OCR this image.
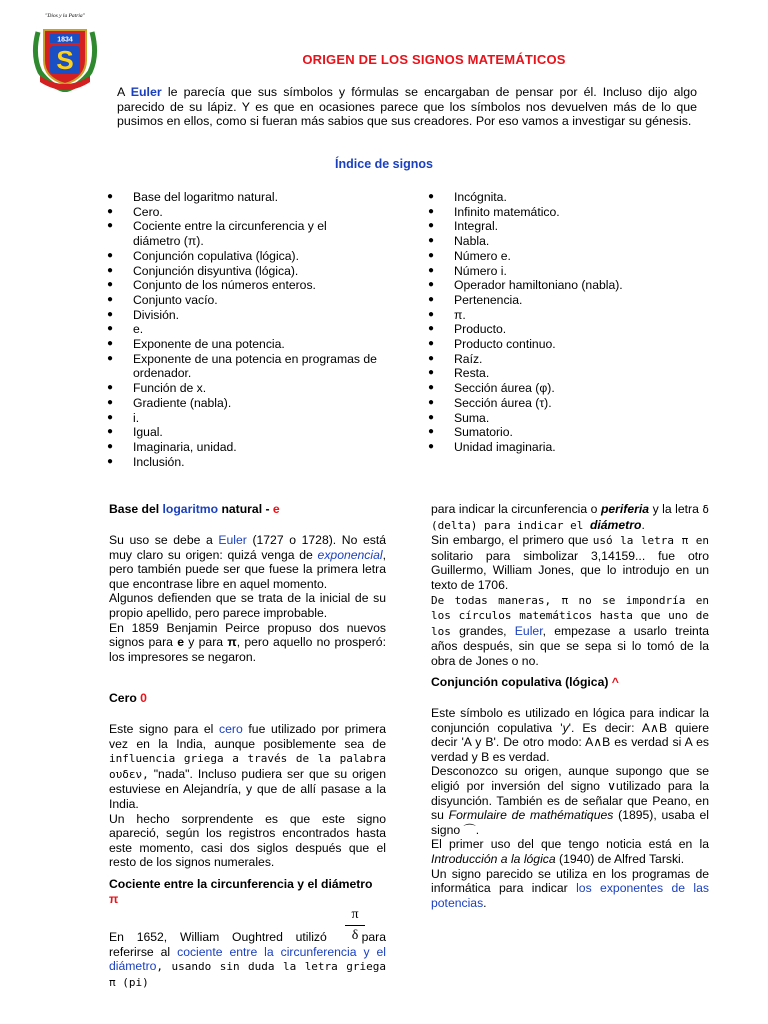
1834
S
"Dios y la Patria"
ORIGEN DE LOS SIGNOS MATEMÁTICOS
A Euler le parecía que sus símbolos y fórmulas se encargaban de pensar por él. Incluso dijo algo parecido de su lápiz. Y es que en ocasiones parece que los símbolos nos devuelven más de lo que pusimos en ellos, como si fueran más sabios que sus creadores. Por eso vamos a investigar su génesis.
Índice de signos
● Base del logaritmo natural.
● Cero.
● Cociente entre la circunferencia y el diámetro (π).
● Conjunción copulativa (lógica).
● Conjunción disyuntiva (lógica).
● Conjunto de los números enteros.
● Conjunto vacío.
● División.
● e.
● Exponente de una potencia.
● Exponente de una potencia en programas de ordenador.
● Función de x.
● Gradiente (nabla).
● i.
● Igual.
● Imaginaria, unidad.
● Inclusión.
● Incógnita.
● Infinito matemático.
● Integral.
● Nabla.
● Número e.
● Número i.
● Operador hamiltoniano (nabla).
● Pertenencia.
● π.
● Producto.
● Producto continuo.
● Raíz.
● Resta.
● Sección áurea (φ).
● Sección áurea (τ).
● Suma.
● Sumatorio.
● Unidad imaginaria.
Base del logaritmo natural - e
Su uso se debe a Euler (1727 o 1728). No está muy claro su origen: quizá venga de exponencial, pero también puede ser que fuese la primera letra que encontrase libre en aquel momento.
Algunos defienden que se trata de la inicial de su propio apellido, pero parece improbable.
En 1859 Benjamin Peirce propuso dos nuevos signos para e y para π, pero aquello no prosperó: los impresores se negaron.
Cero 0
Este signo para el cero fue utilizado por primera vez en la India, aunque posiblemente sea de influencia griega a través de la palabra ουδεν, "nada". Incluso pudiera ser que su origen estuviese en Alejandría, y que de allí pasase a la India.
Un hecho sorprendente es que este signo apareció, según los registros encontrados hasta este momento, casi dos siglos después que el resto de los signos numerales.
Cociente entre la circunferencia y el diámetro
π
π
δ
En 1652, William Oughtred utilizó para referirse al cociente entre la circunferencia y el diámetro, usando sin duda la letra griega π (pi)
para indicar la circunferencia o periferia y la letra δ (delta) para indicar el diámetro.
Sin embargo, el primero que usó la letra π en solitario para simbolizar 3,14159... fue otro Guillermo, William Jones, que lo introdujo en un texto de 1706.
De todas maneras, π no se impondría en los círculos matemáticos hasta que uno de los grandes, Euler, empezase a usarlo treinta años después, sin que se sepa si lo tomó de la obra de Jones o no.
Conjunción copulativa (lógica) ^
Este símbolo es utilizado en lógica para indicar la conjunción copulativa 'y'. Es decir: A∧B quiere decir 'A y B'. De otro modo: A∧B es verdad si A es verdad y B es verdad.
Desconozco su origen, aunque supongo que se eligió por inversión del signo ∨utilizado para la disyunción. También es de señalar que Peano, en su Formulaire de mathématiques (1895), usaba el signo ⌒.
El primer uso del que tengo noticia está en la Introducción a la lógica (1940) de Alfred Tarski.
Un signo parecido se utiliza en los programas de informática para indicar los exponentes de las potencias.
